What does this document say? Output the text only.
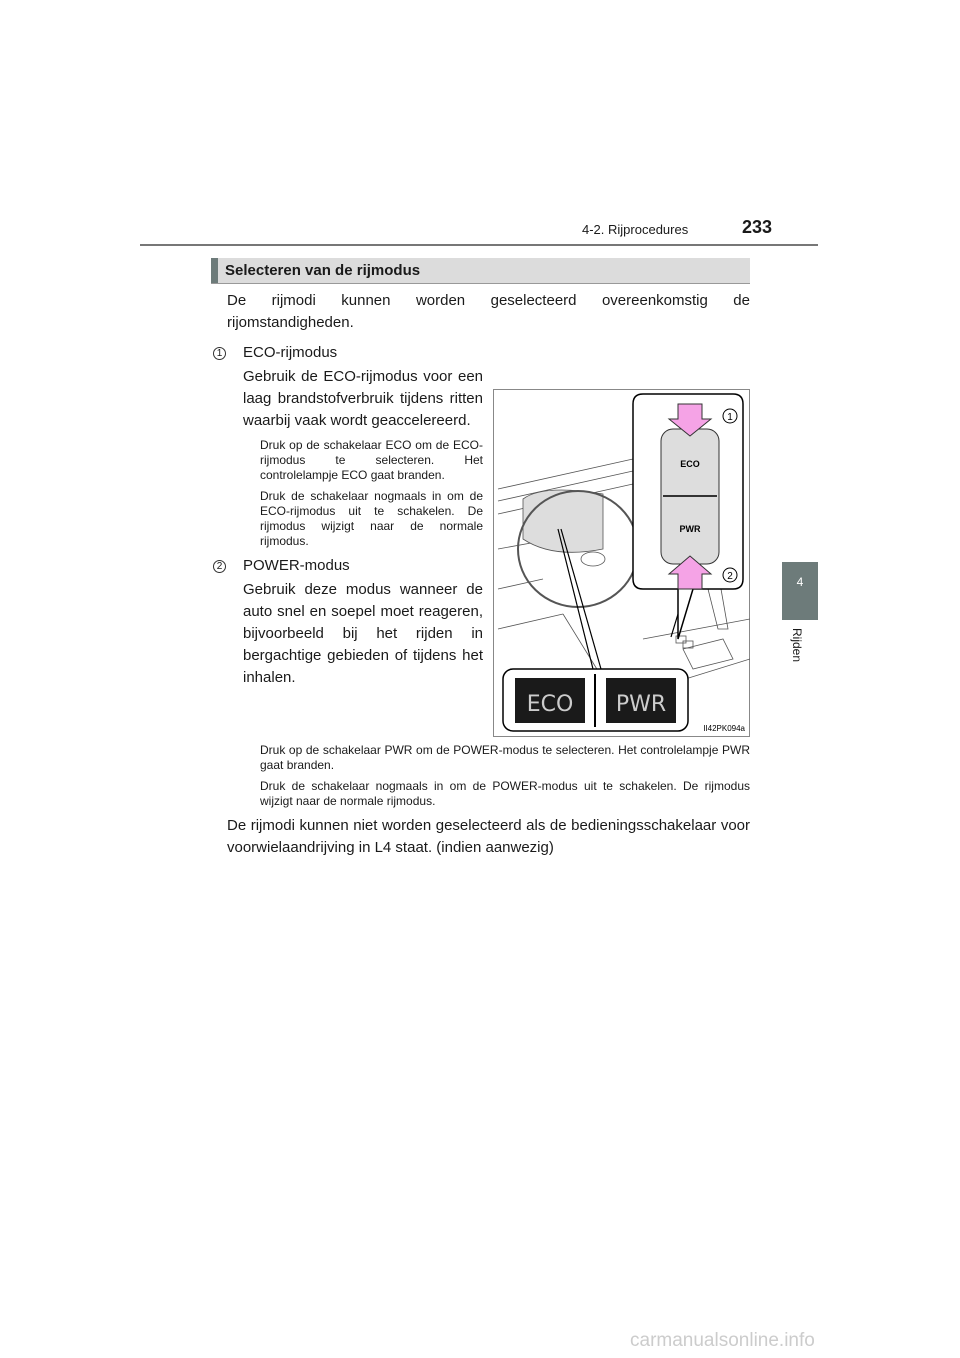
4-2. Rijprocedures	233
Selecteren van de rijmodus

De rijmodi kunnen worden geselecteerd overeenkomstig de rijomstandigheden.

1 ECO-rijmodus

Gebruik de ECO-rijmodus voor een laag brandstofverbruik tijdens ritten waarbij vaak wordt geaccelereerd.

Druk op de schakelaar ECO om de ECO-rijmodus te selecteren. Het controlelampje ECO gaat branden.

Druk de schakelaar nogmaals in om de ECO-rijmodus uit te schakelen. De rijmodus wijzigt naar de normale rijmodus.

2 POWER-modus

Gebruik deze modus wanneer de auto snel en soepel moet reageren, bijvoorbeeld bij het rijden in bergachtige gebieden of tijdens het inhalen.

ECO
PWR
1
2
ECO PWR
II42PK094a

Druk op de schakelaar PWR om de POWER-modus te selecteren. Het controlelampje PWR gaat branden.

Druk de schakelaar nogmaals in om de POWER-modus uit te schakelen. De rijmodus wijzigt naar de normale rijmodus.

De rijmodi kunnen niet worden geselecteerd als de bedieningsschakelaar voor voorwielaandrijving in L4 staat. (indien aanwezig)

4
Rijden
carmanualsonline.info
